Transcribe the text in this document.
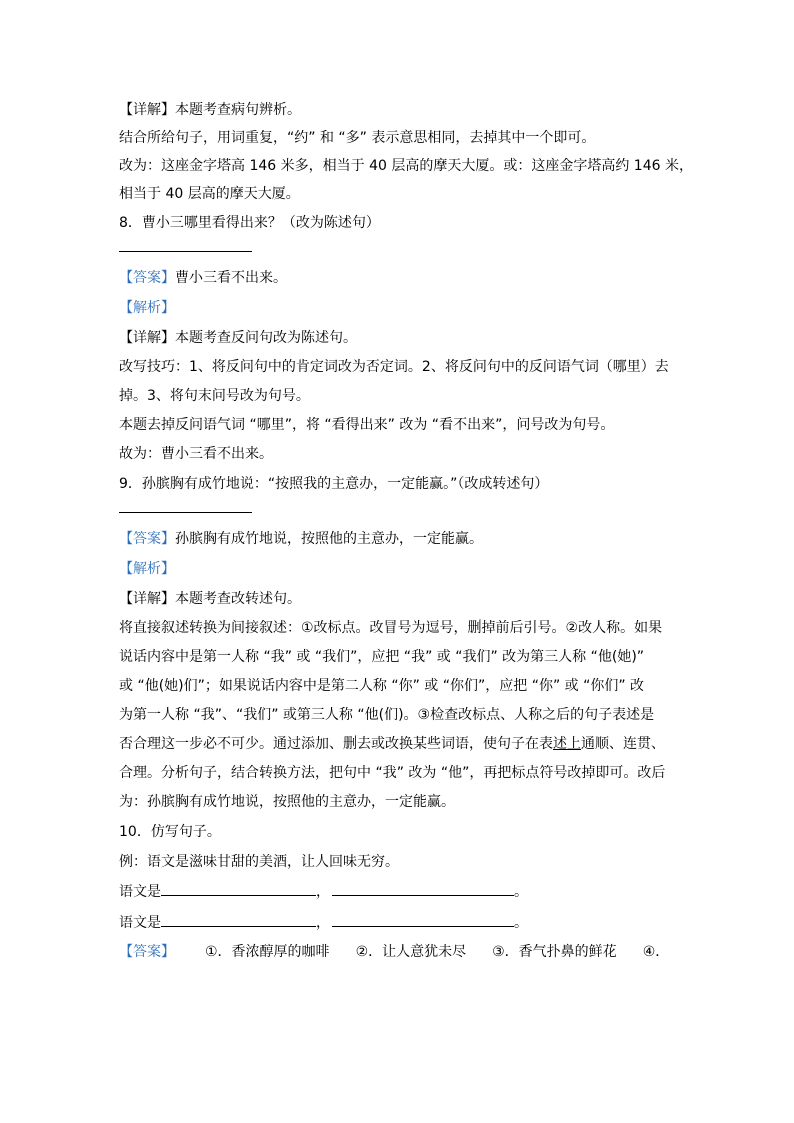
【详解】本题考查病句辨析。
结合所给句子，用词重复，“约” 和 “多” 表示意思相同，去掉其中一个即可。
改为：这座金字塔高 146 米多，相当于 40 层高的摩天大厦。或：这座金字塔高约 146 米，
相当于 40 层高的摩天大厦。
8．曹小三哪里看得出来？（改为陈述句）
【答案】曹小三看不出来。
【解析】
【详解】本题考查反问句改为陈述句。
改写技巧：1、将反问句中的肯定词改为否定词。2、将反问句中的反问语气词（哪里）去
掉。3、将句末问号改为句号。
本题去掉反问语气词 “哪里”，将 “看得出来” 改为 “看不出来”，问号改为句号。
故为：曹小三看不出来。
9．孙膑胸有成竹地说：“按照我的主意办，一定能赢。”（改成转述句）
【答案】孙膑胸有成竹地说，按照他的主意办，一定能赢。
【解析】
【详解】本题考查改转述句。
将直接叙述转换为间接叙述：①改标点。改冒号为逗号，删掉前后引号。②改人称。如果
说话内容中是第一人称 “我” 或 “我们”，应把 “我” 或 “我们” 改为第三人称 “他(她)”
或 “他(她)们”；如果说话内容中是第二人称 “你” 或 “你们”，应把 “你” 或 “你们” 改
为第一人称 “我”、“我们” 或第三人称 “他(们)。③检查改标点、人称之后的句子表述是
否合理这一步必不可少。通过添加、删去或改换某些词语，使句子在表述上通顺、连贯、
合理。分析句子，结合转换方法，把句中 “我” 改为 “他”，再把标点符号改掉即可。改后
为：孙膑胸有成竹地说，按照他的主意办，一定能赢。
10．仿写句子。
例：语文是滋味甘甜的美酒，让人回味无穷。
语文是	，	。
语文是	，	。
【答案】 ①．香浓醇厚的咖啡 ②．让人意犹未尽 ③．香气扑鼻的鲜花 ④．
